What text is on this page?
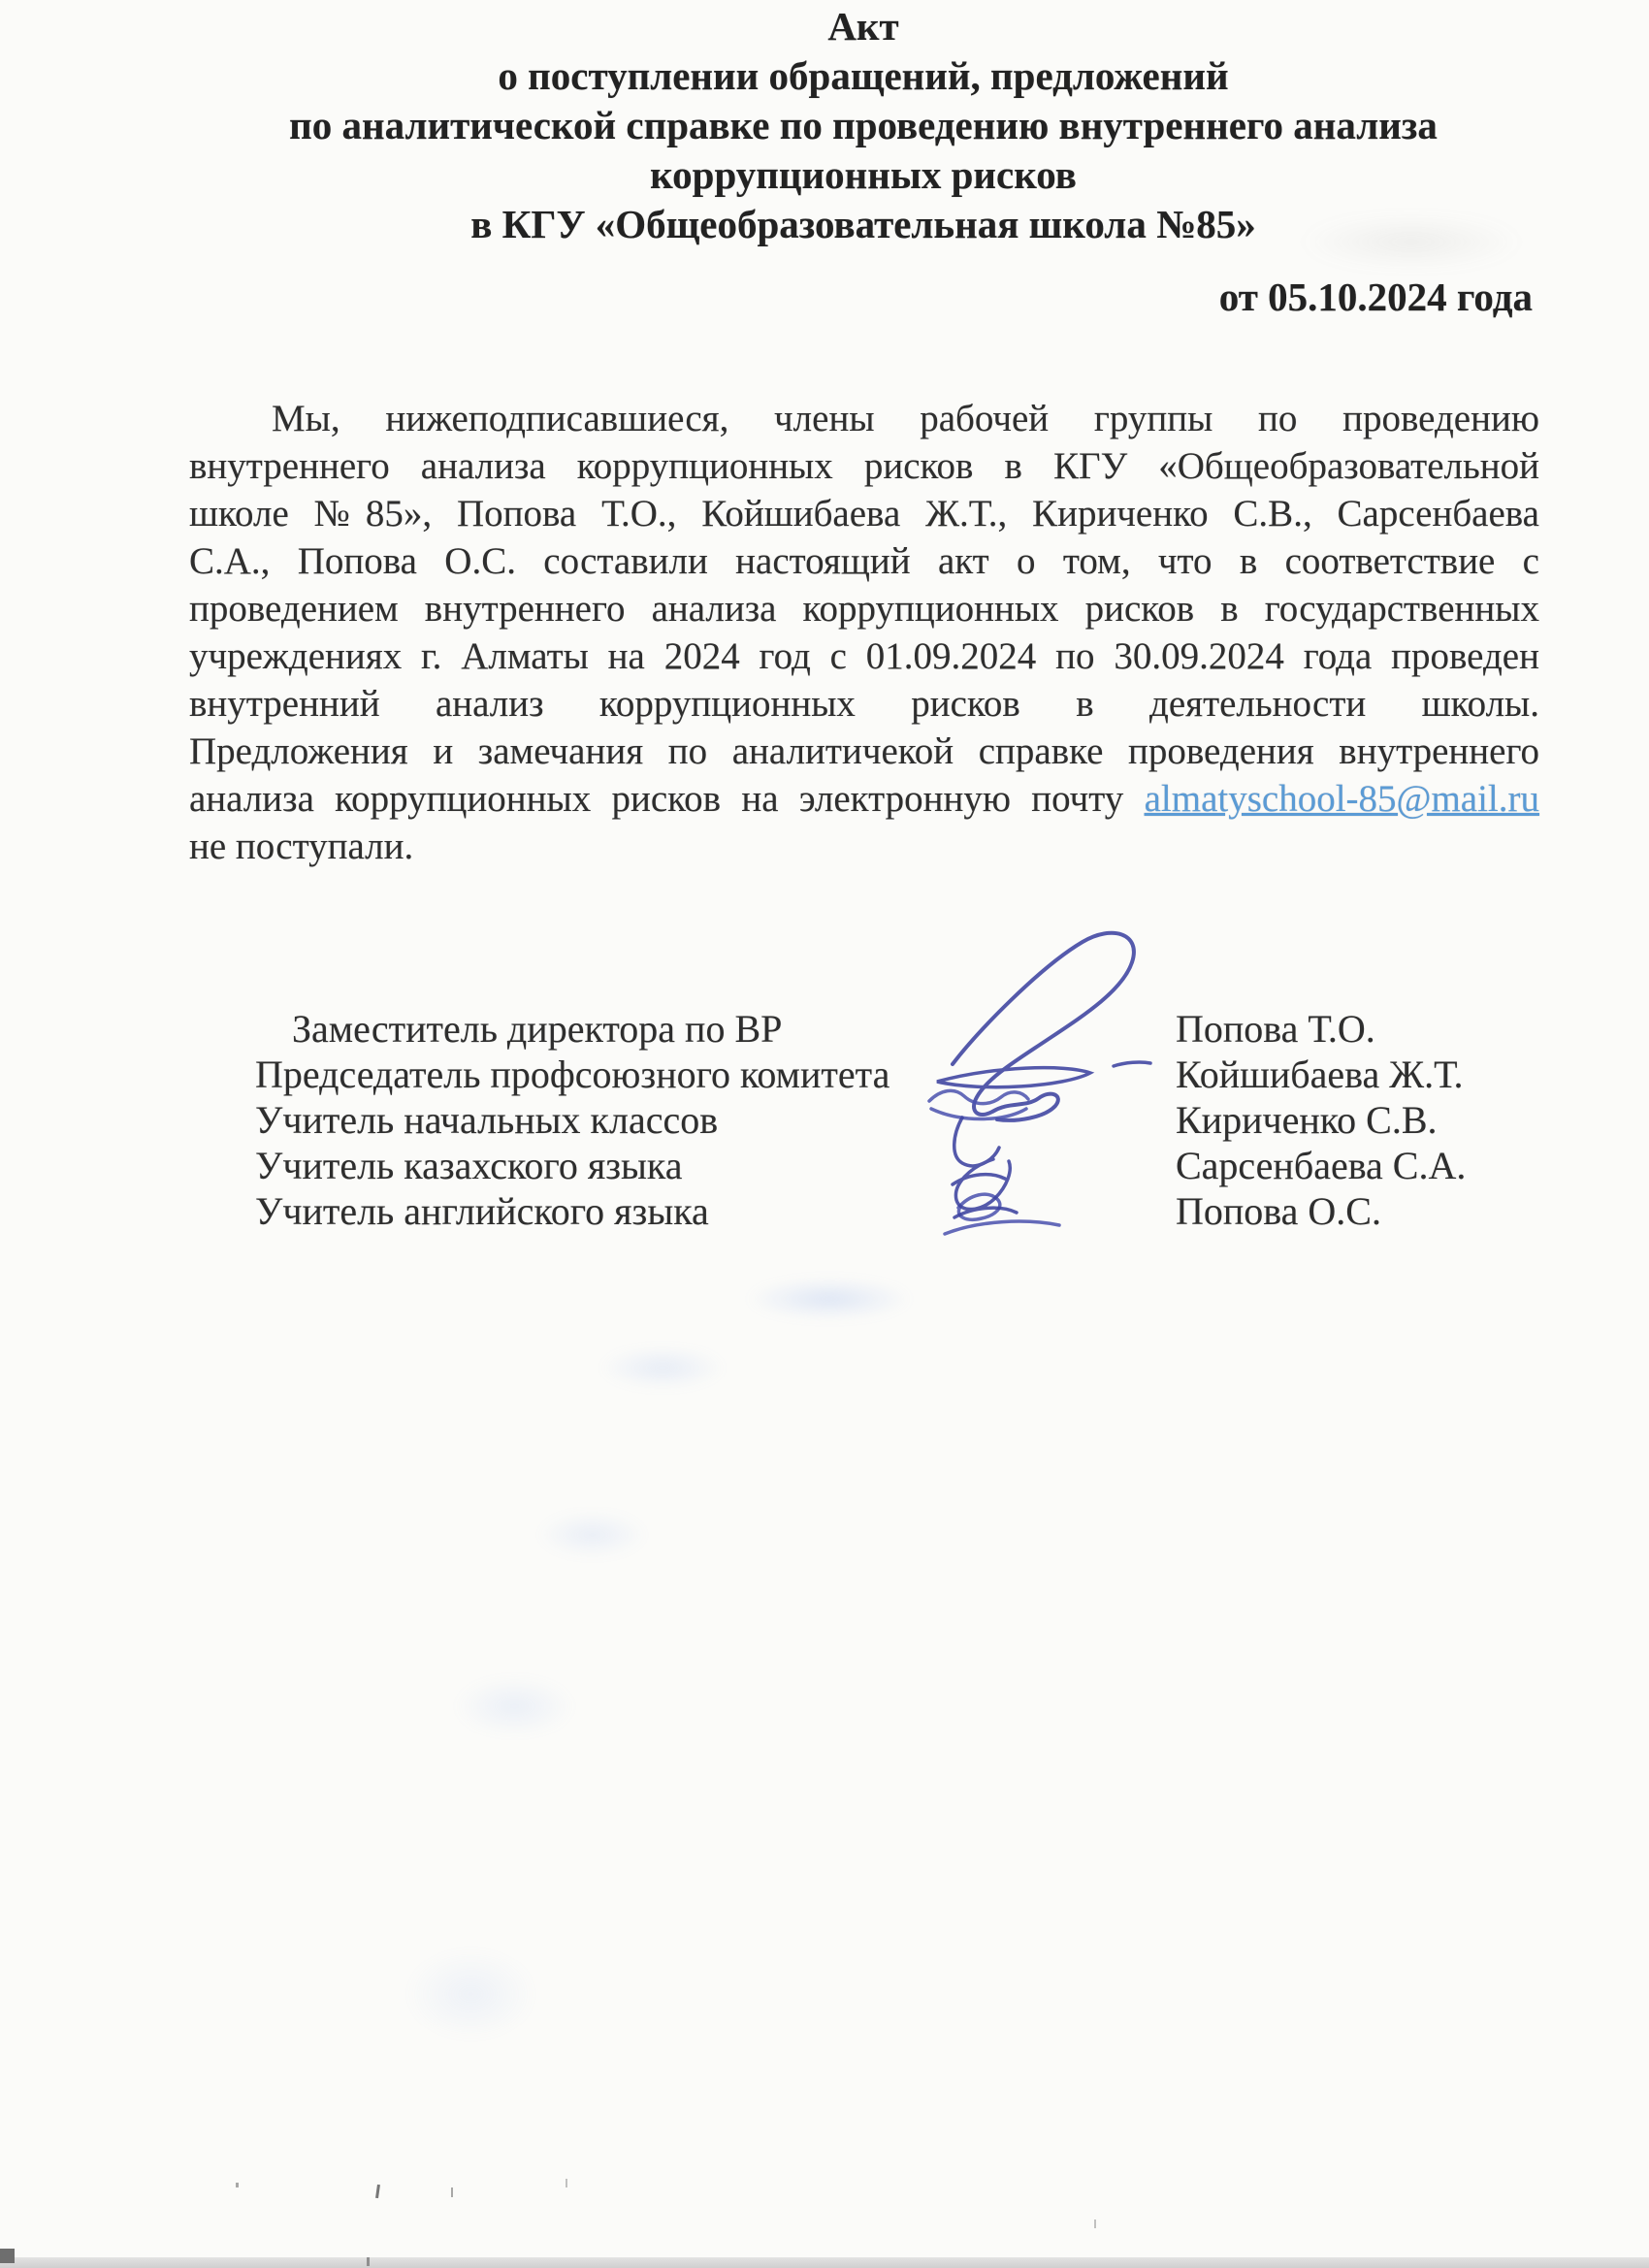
Акт
о поступлении обращений, предложений
по аналитической справке по проведению внутреннего анализа
коррупционных рисков
в КГУ «Общеобразовательная школа №85»
от 05.10.2024 года
Мы, нижеподписавшиеся, члены рабочей группы по проведению
внутреннего анализа коррупционных рисков в КГУ «Общеобразовательной
школе №85», Попова Т.О., Койшибаева Ж.Т., Кириченко С.В., Сарсенбаева
С.А., Попова О.С. составили настоящий акт о том, что в соответствие с
проведением внутреннего анализа коррупционных рисков в государственных
учреждениях г. Алматы на 2024 год с 01.09.2024 по 30.09.2024 года проведен
внутренний анализ коррупционных рисков в деятельности школы.
Предложения и замечания по аналитичекой справке проведения внутреннего
анализа коррупционных рисков на электронную почту almatyschool-85@mail.ru
не поступали.
Заместитель директора по ВР
Председатель профсоюзного комитета
Учитель начальных классов
Учитель казахского языка
Учитель английского языка
Попова Т.О.
Койшибаева Ж.Т.
Кириченко С.В.
Сарсенбаева С.А.
Попова О.С.
